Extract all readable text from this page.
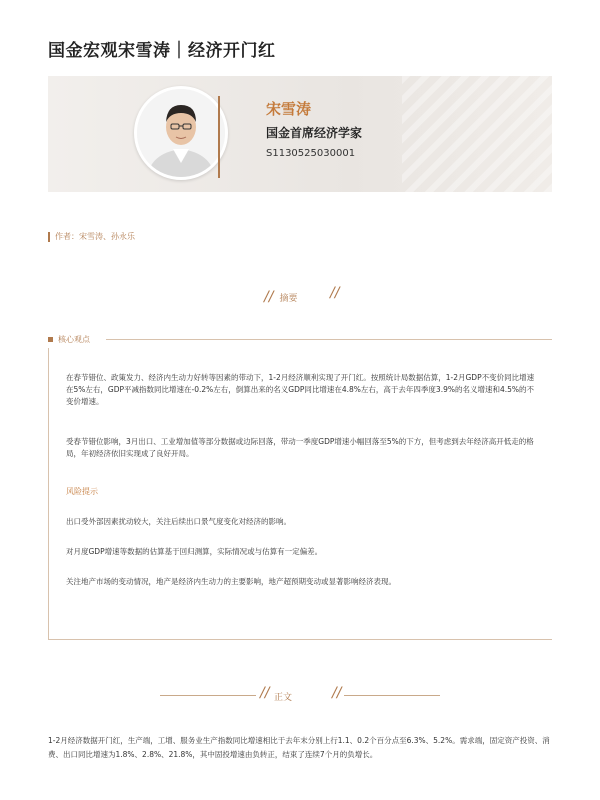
国金宏观宋雪涛｜经济开门红
宋雪涛
国金首席经济学家
S1130525030001
作者：宋雪涛、孙永乐
// 摘要 //
核心观点
在春节错位、政策发力、经济内生动力好转等因素的带动下，1-2月经济顺利实现了开门红。按照统计局数据估算，1-2月GDP不变价同比增速在5%左右，GDP平减指数同比增速在-0.2%左右，倒算出来的名义GDP同比增速在4.8%左右，高于去年四季度3.9%的名义增速和4.5%的不变价增速。
受春节错位影响，3月出口、工业增加值等部分数据或边际回落，带动一季度GDP增速小幅回落至5%的下方，但考虑到去年经济高开低走的格局，年初经济依旧实现成了良好开局。
风险提示
出口受外部因素扰动较大，关注后续出口景气度变化对经济的影响。
对月度GDP增速等数据的估算基于回归测算，实际情况或与估算有一定偏差。
关注地产市场的变动情况，地产是经济内生动力的主要影响，地产超预期变动或显著影响经济表现。
// 正文	//
1-2月经济数据开门红，生产端，工增、服务业生产指数同比增速相比于去年末分别上行1.1、0.2个百分点至6.3%、5.2%。需求端，固定资产投资、消费、出口同比增速为1.8%、2.8%、21.8%，其中固投增速由负转正，结束了连续7个月的负增长。
